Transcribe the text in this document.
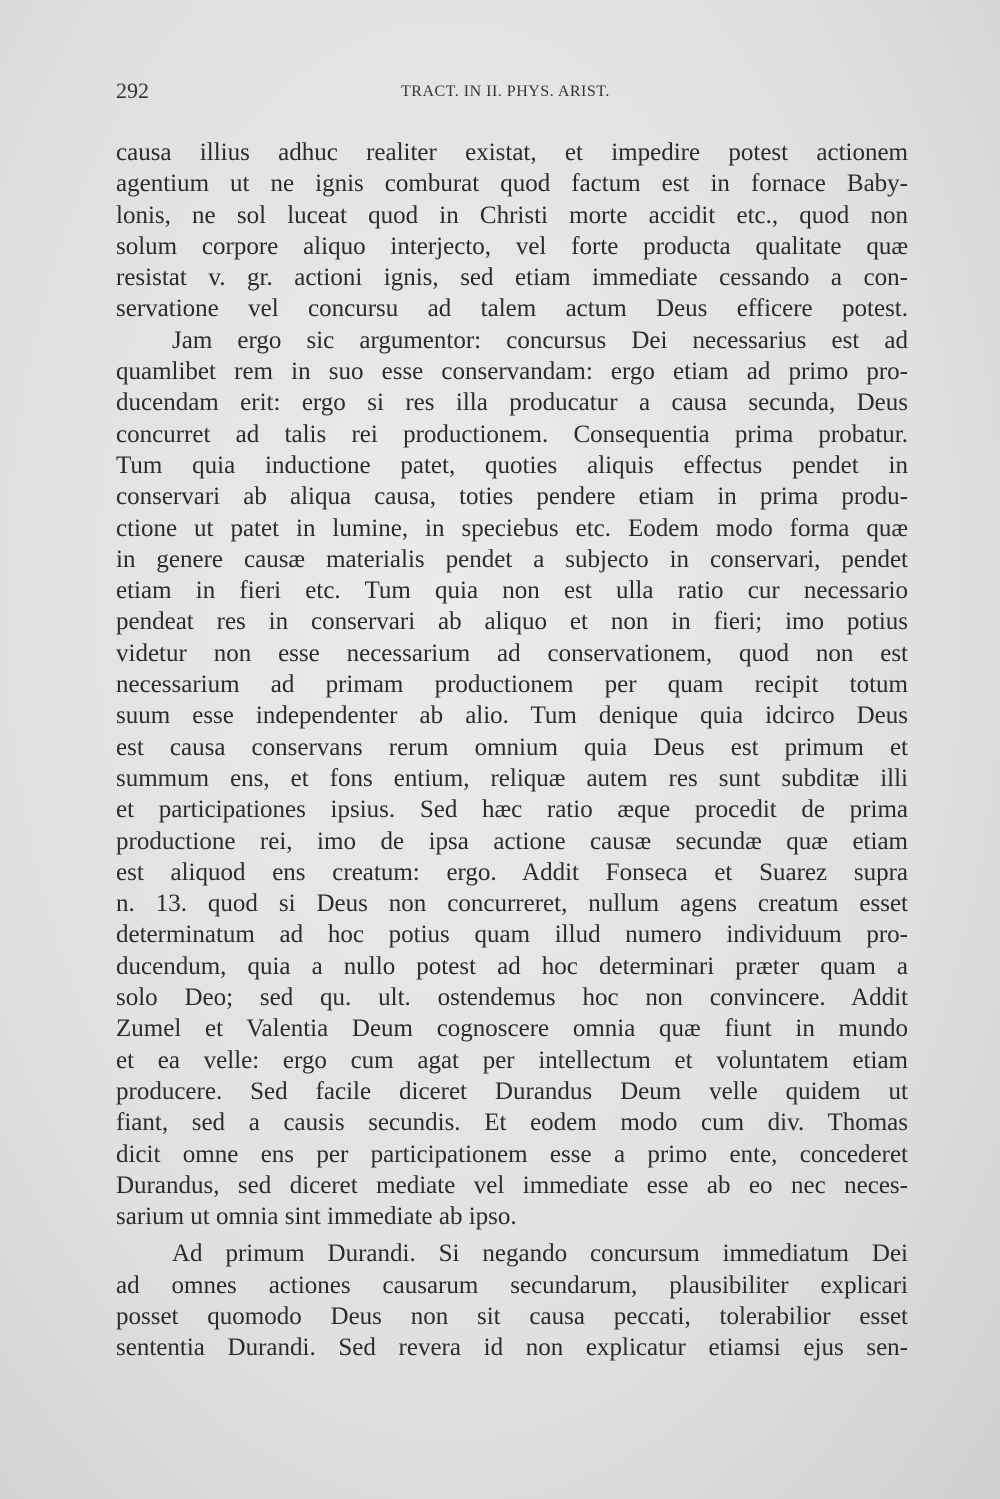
292	TRACT. IN II. PHYS. ARIST.
causa illius adhuc realiter existat, et impedire potest actionem
agentium ut ne ignis comburat quod factum est in fornace Baby-
lonis, ne sol luceat quod in Christi morte accidit etc., quod non
solum corpore aliquo interjecto, vel forte producta qualitate quæ
resistat v. gr. actioni ignis, sed etiam immediate cessando a con-
servatione vel concursu ad talem actum Deus efficere potest.
Jam ergo sic argumentor: concursus Dei necessarius est ad
quamlibet rem in suo esse conservandam: ergo etiam ad primo pro-
ducendam erit: ergo si res illa producatur a causa secunda, Deus
concurret ad talis rei productionem. Consequentia prima probatur.
Tum quia inductione patet, quoties aliquis effectus pendet in
conservari ab aliqua causa, toties pendere etiam in prima produ-
ctione ut patet in lumine, in speciebus etc. Eodem modo forma quæ
in genere causæ materialis pendet a subjecto in conservari, pendet
etiam in fieri etc. Tum quia non est ulla ratio cur necessario
pendeat res in conservari ab aliquo et non in fieri; imo potius
videtur non esse necessarium ad conservationem, quod non est
necessarium ad primam productionem per quam recipit totum
suum esse independenter ab alio. Tum denique quia idcirco Deus
est causa conservans rerum omnium quia Deus est primum et
summum ens, et fons entium, reliquæ autem res sunt subditæ illi
et participationes ipsius. Sed hæc ratio æque procedit de prima
productione rei, imo de ipsa actione causæ secundæ quæ etiam
est aliquod ens creatum: ergo. Addit Fonseca et Suarez supra
n. 13. quod si Deus non concurreret, nullum agens creatum esset
determinatum ad hoc potius quam illud numero individuum pro-
ducendum, quia a nullo potest ad hoc determinari præter quam a
solo Deo; sed qu. ult. ostendemus hoc non convincere. Addit
Zumel et Valentia Deum cognoscere omnia quæ fiunt in mundo
et ea velle: ergo cum agat per intellectum et voluntatem etiam
producere. Sed facile diceret Durandus Deum velle quidem ut
fiant, sed a causis secundis. Et eodem modo cum div. Thomas
dicit omne ens per participationem esse a primo ente, concederet
Durandus, sed diceret mediate vel immediate esse ab eo nec neces-
sarium ut omnia sint immediate ab ipso.
Ad primum Durandi. Si negando concursum immediatum Dei
ad omnes actiones causarum secundarum, plausibiliter explicari
posset quomodo Deus non sit causa peccati, tolerabilior esset
sententia Durandi. Sed revera id non explicatur etiamsi ejus sen-
